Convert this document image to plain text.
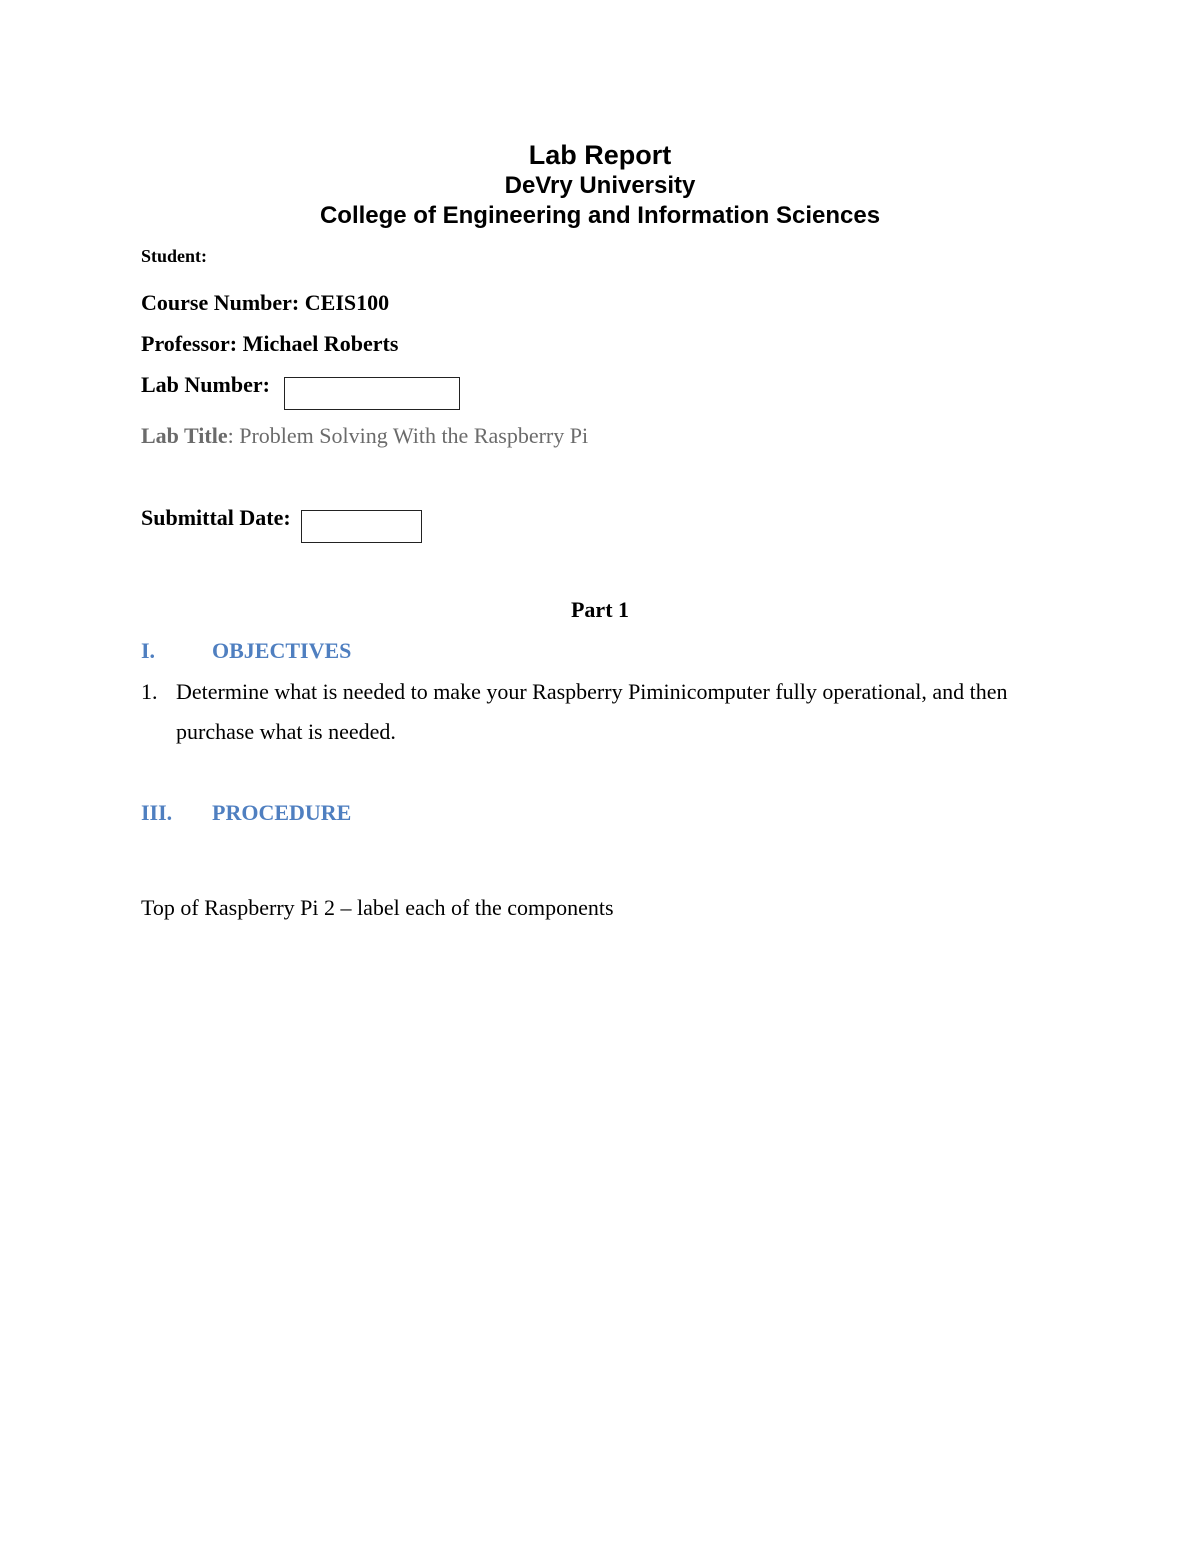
Lab Report
DeVry University
College of Engineering and Information Sciences
Student:
Course Number: CEIS100
Professor: Michael Roberts
Lab Number:
Lab Title: Problem Solving With the Raspberry Pi
Submittal Date:
Part 1
I.	OBJECTIVES
1. Determine what is needed to make your Raspberry Piminicomputer fully operational, and then purchase what is needed.
III. PROCEDURE
Top of Raspberry Pi 2 – label each of the components
